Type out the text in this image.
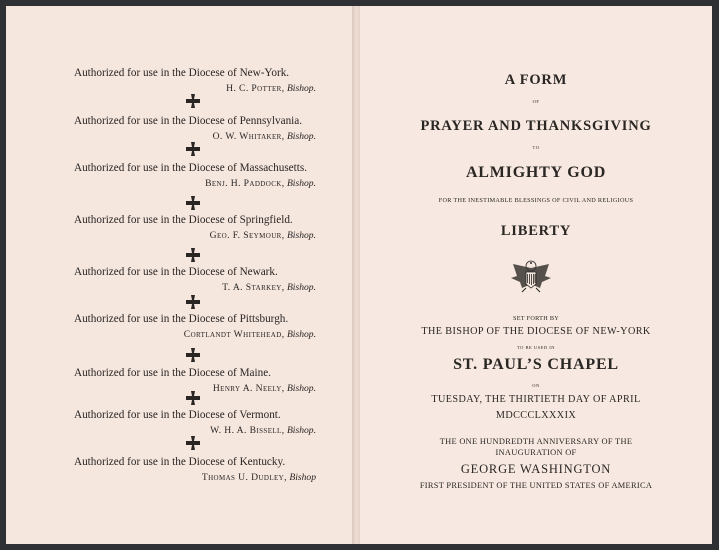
Authorized for use in the Diocese of New-York.
H. C. Potter, Bishop.
Authorized for use in the Diocese of Pennsylvania.
O. W. Whitaker, Bishop.
Authorized for use in the Diocese of Massachusetts.
Benj. H. Paddock, Bishop.
Authorized for use in the Diocese of Springfield.
Geo. F. Seymour, Bishop.
Authorized for use in the Diocese of Newark.
T. A. Starkey, Bishop.
Authorized for use in the Diocese of Pittsburgh.
Cortlandt Whitehead, Bishop.
Authorized for use in the Diocese of Maine.
Henry A. Neely, Bishop.
Authorized for use in the Diocese of Vermont.
W. H. A. Bissell, Bishop.
Authorized for use in the Diocese of Kentucky.
Thomas U. Dudley, Bishop
A FORM
OF
PRAYER AND THANKSGIVING
TO
ALMIGHTY GOD
FOR THE INESTIMABLE BLESSINGS OF CIVIL AND RELIGIOUS
LIBERTY
SET FORTH BY
THE BISHOP OF THE DIOCESE OF NEW-YORK
TO BE USED IN
ST. PAUL’S CHAPEL
ON
TUESDAY, THE THIRTIETH DAY OF APRIL
MDCCCLXXXIX
THE ONE HUNDREDTH ANNIVERSARY OF THE
INAUGURATION OF
GEORGE WASHINGTON
FIRST PRESIDENT OF THE UNITED STATES OF AMERICA
